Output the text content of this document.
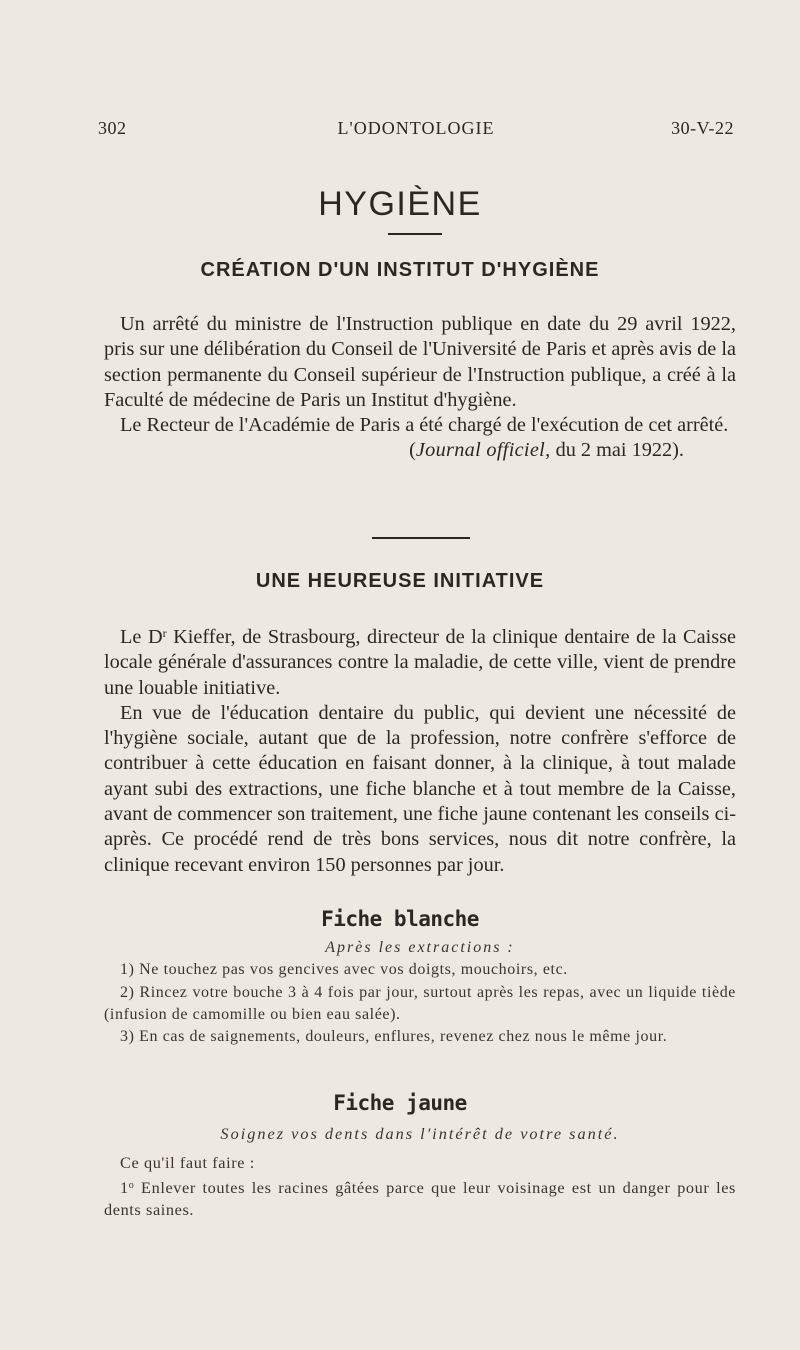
302	L'ODONTOLOGIE	30-V-22
HYGIÈNE
CRÉATION D'UN INSTITUT D'HYGIÈNE

Un arrêté du ministre de l'Instruction publique en date du 29 avril 1922, pris sur une délibération du Conseil de l'Université de Paris et après avis de la section permanente du Conseil supérieur de l'Instruction publique, a créé à la Faculté de médecine de Paris un Institut d'hygiène.

Le Recteur de l'Académie de Paris a été chargé de l'exécution de cet arrêté.

(Journal officiel, du 2 mai 1922).

UNE HEUREUSE INITIATIVE

Le $D^r$ Kieffer, de Strasbourg, directeur de la clinique dentaire de la Caisse locale générale d'assurances contre la maladie, de cette ville, vient de prendre une louable initiative.

En vue de l'éducation dentaire du public, qui devient une nécessité de l'hygiène sociale, autant que de la profession, notre confrère s'efforce de contribuer à cette éducation en faisant donner, à la clinique, à tout malade ayant subi des extractions, une fiche blanche et à tout membre de la Caisse, avant de commencer son traitement, une fiche jaune contenant les conseils ci-après. Ce procédé rend de très bons services, nous dit notre confrère, la clinique recevant environ 150 personnes par jour.

Fiche blanche

Après les extractions :

1) Ne touchez pas vos gencives avec vos doigts, mouchoirs, etc.

2) Rincez votre bouche 3 à 4 fois par jour, surtout après les repas, avec un liquide tiède (infusion de camomille ou bien eau salée).

3) En cas de saignements, douleurs, enflures, revenez chez nous le même jour.

Fiche jaune

Soignez vos dents dans l'intérêt de votre santé.

Ce qu'il faut faire :

1$^o$ Enlever toutes les racines gâtées parce que leur voisinage est un danger pour les dents saines.
